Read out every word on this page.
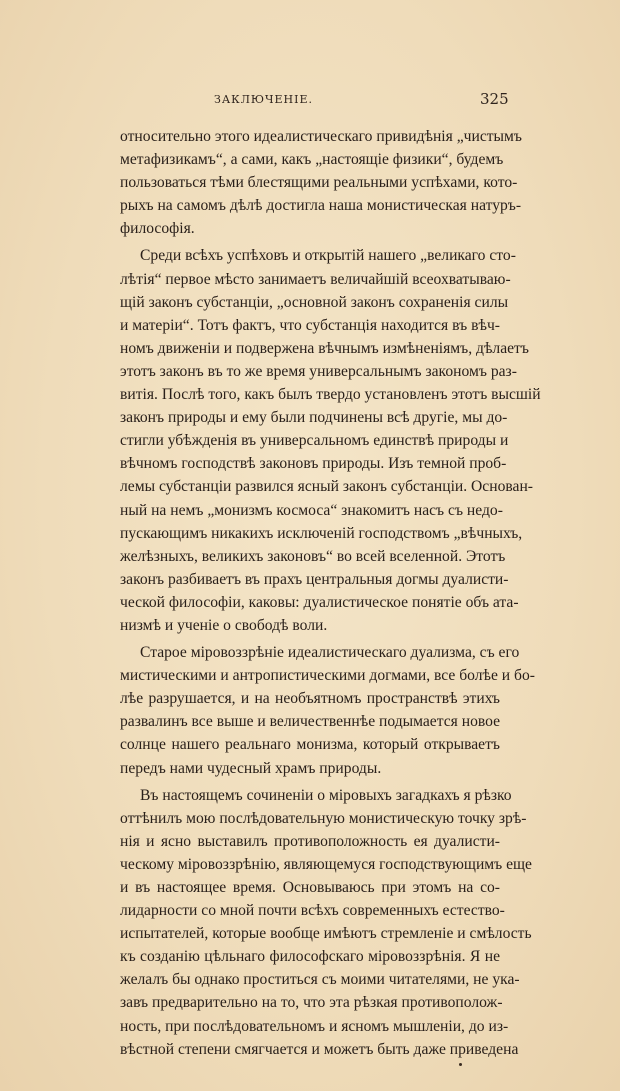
ЗАКЛЮЧЕНІЕ.	325
относительно этого идеалистическаго привидѣнія „чистымъ
метафизикамъ“, а сами, какъ „настоящіе физики“, будемъ
пользоваться тѣми блестящими реальными успѣхами, кото-
рыхъ на самомъ дѣлѣ достигла наша монистическая натуръ-
философія.
Среди всѣхъ успѣховъ и открытій нашего „великаго сто-
лѣтія“ первое мѣсто занимаетъ величайшій всеохватываю-
щій законъ субстанціи, „основной законъ сохраненія силы
и матеріи“. Тотъ фактъ, что субстанція находится въ вѣч-
номъ движеніи и подвержена вѣчнымъ измѣненіямъ, дѣлаетъ
этотъ законъ въ то же время универсальнымъ закономъ раз-
витія. Послѣ того, какъ былъ твердо установленъ этотъ высшій
законъ природы и ему были подчинены всѣ другіе, мы до-
стигли убѣжденія въ универсальномъ единствѣ природы и
вѣчномъ господствѣ законовъ природы. Изъ темной проб-
лемы субстанціи развился ясный законъ субстанціи. Основан-
ный на немъ „монизмъ космоса“ знакомитъ насъ съ недо-
пускающимъ никакихъ исключеній господствомъ „вѣчныхъ,
желѣзныхъ, великихъ законовъ“ во всей вселенной. Этотъ
законъ разбиваетъ въ прахъ центральныя догмы дуалисти-
ческой философіи, каковы: дуалистическое понятіе объ ата-
низмѣ и ученіе о свободѣ воли.
Старое міровоззрѣніе идеалистическаго дуализма, съ его
мистическими и антропистическими догмами, все болѣе и бо-
лѣе разрушается, и на необъятномъ пространствѣ этихъ
развалинъ все выше и величественнѣе подымается новое
солнце нашего реальнаго монизма, который открываетъ
передъ нами чудесный храмъ природы.
Въ настоящемъ сочиненіи о міровыхъ загадкахъ я рѣзко
оттѣнилъ мою послѣдовательную монистическую точку зрѣ-
нія и ясно выставилъ противоположность ея дуалисти-
ческому міровоззрѣнію, являющемуся господствующимъ еще
и въ настоящее время. Основываюсь при этомъ на со-
лидарности со мной почти всѣхъ современныхъ естество-
испытателей, которые вообще имѣютъ стремленіе и смѣлость
къ созданію цѣльнаго философскаго міровоззрѣнія. Я не
желалъ бы однако проститься съ моими читателями, не ука-
завъ предварительно на то, что эта рѣзкая противополож-
ность, при послѣдовательномъ и ясномъ мышленіи, до из-
вѣстной степени смягчается и можетъ быть даже приведена
